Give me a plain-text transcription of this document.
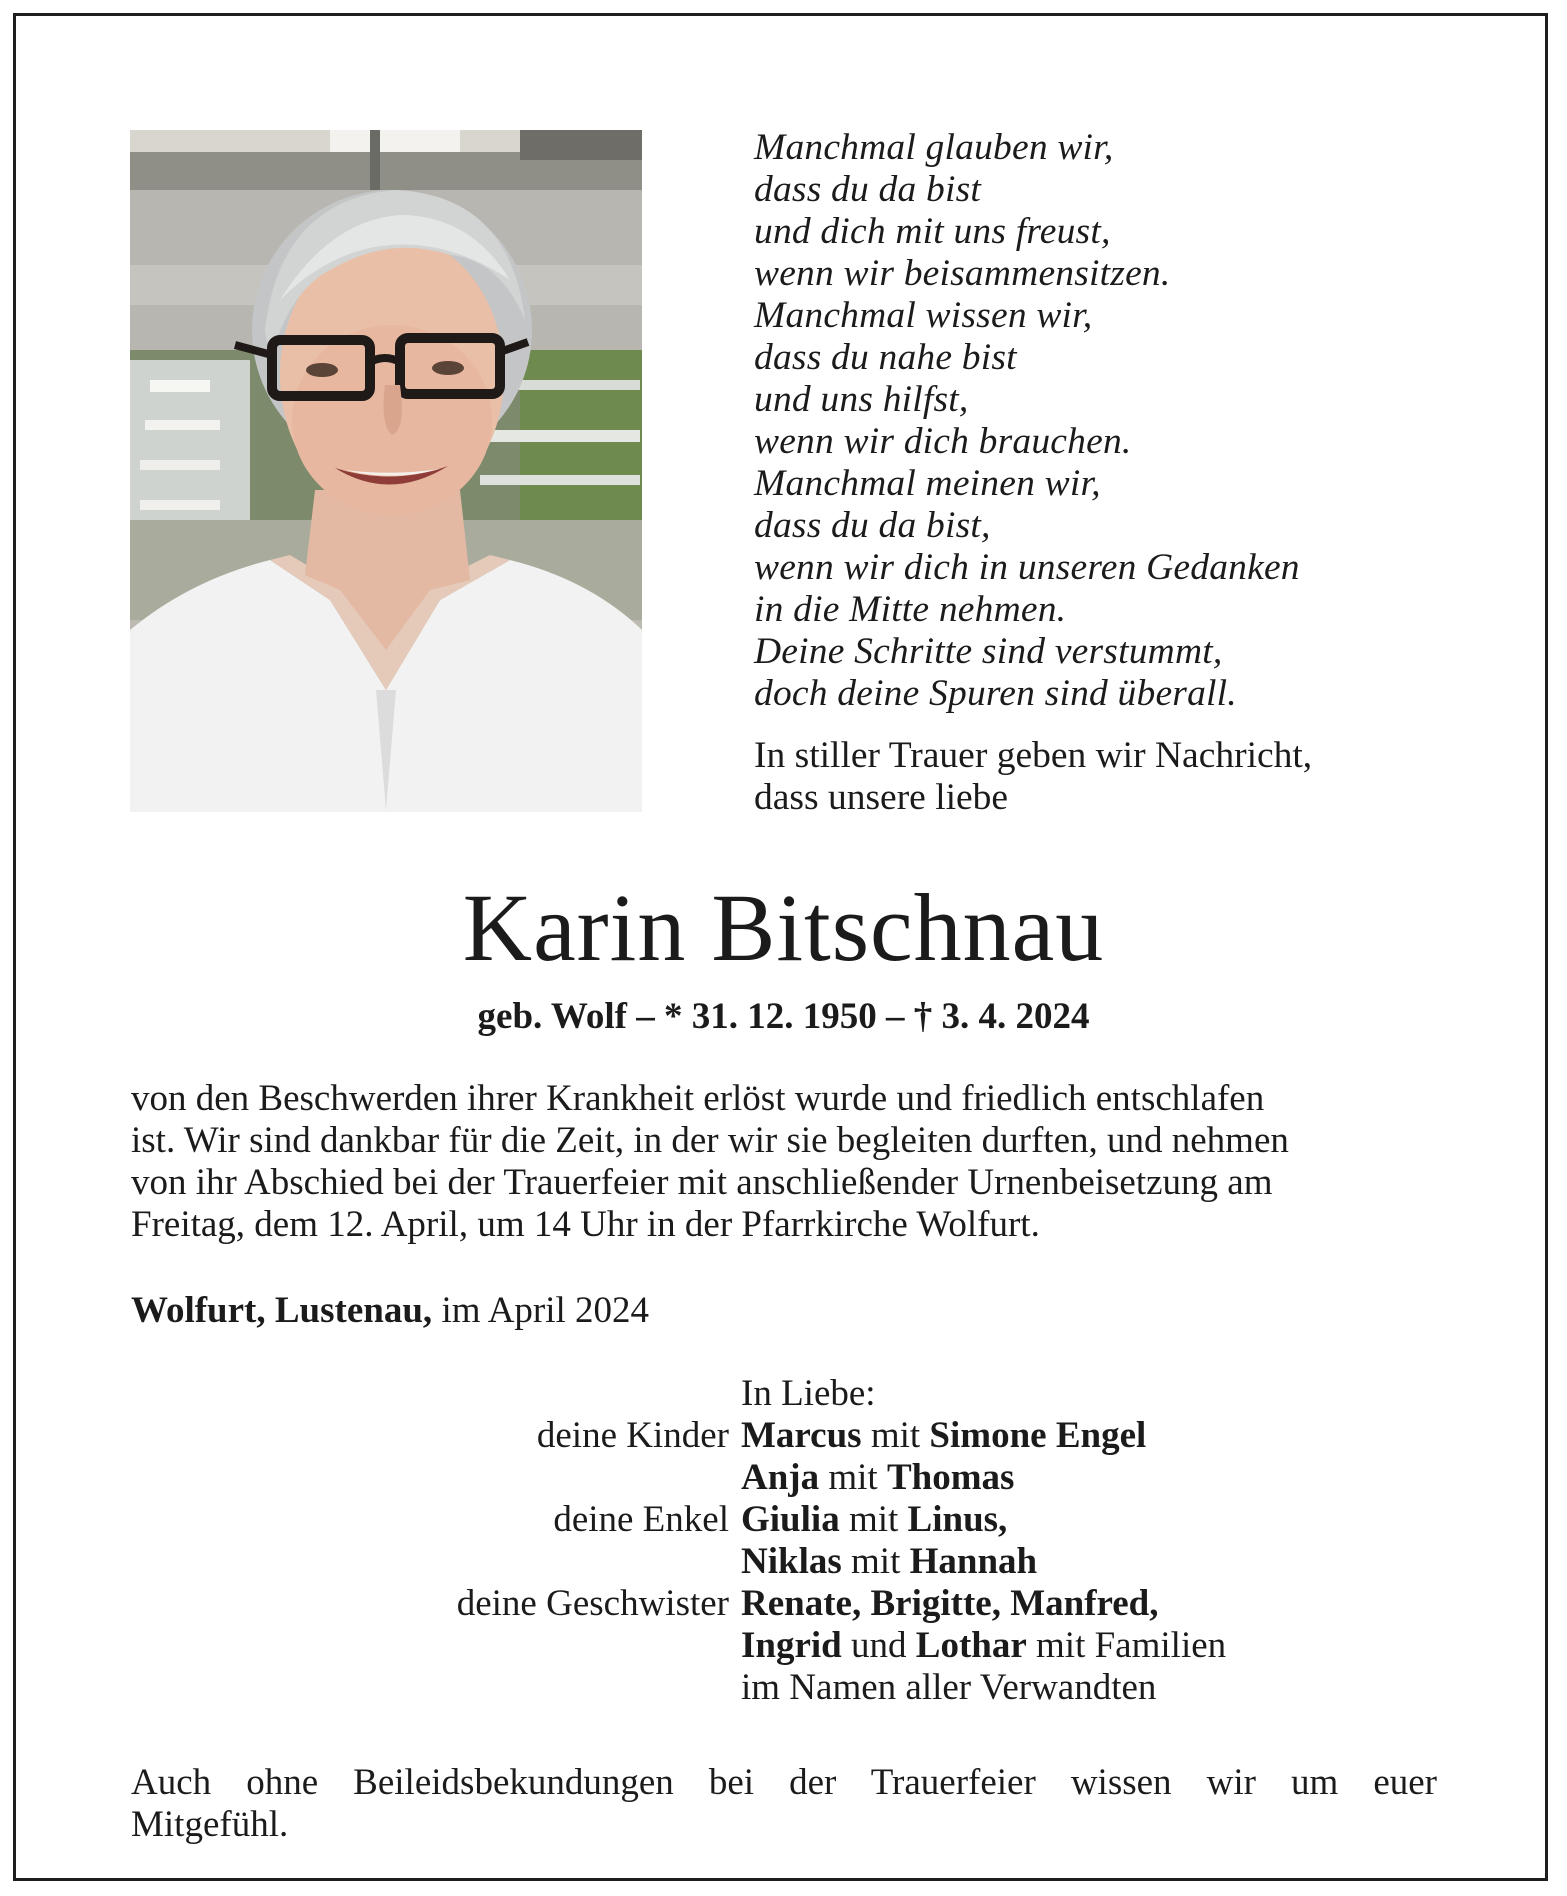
Manchmal glauben wir,
dass du da bist
und dich mit uns freust,
wenn wir beisammensitzen.
Manchmal wissen wir,
dass du nahe bist
und uns hilfst,
wenn wir dich brauchen.
Manchmal meinen wir,
dass du da bist,
wenn wir dich in unseren Gedanken
in die Mitte nehmen.
Deine Schritte sind verstummt,
doch deine Spuren sind überall.
In stiller Trauer geben wir Nachricht,
dass unsere liebe
Karin Bitschnau
geb. Wolf – * 31. 12. 1950 – † 3. 4. 2024
von den Beschwerden ihrer Krankheit erlöst wurde und friedlich entschlafen
ist. Wir sind dankbar für die Zeit, in der wir sie begleiten durften, und nehmen
von ihr Abschied bei der Trauerfeier mit anschließender Urnenbeisetzung am
Freitag, dem 12. April, um 14 Uhr in der Pfarrkirche Wolfurt.
Wolfurt, Lustenau, im April 2024
In Liebe:
deine Kinder Marcus mit Simone Engel
Anja mit Thomas
deine Enkel Giulia mit Linus,
Niklas mit Hannah
deine Geschwister Renate, Brigitte, Manfred,
Ingrid und Lothar mit Familien
im Namen aller Verwandten
Auch ohne Beileidsbekundungen bei der Trauerfeier wissen wir um euer
Mitgefühl.
